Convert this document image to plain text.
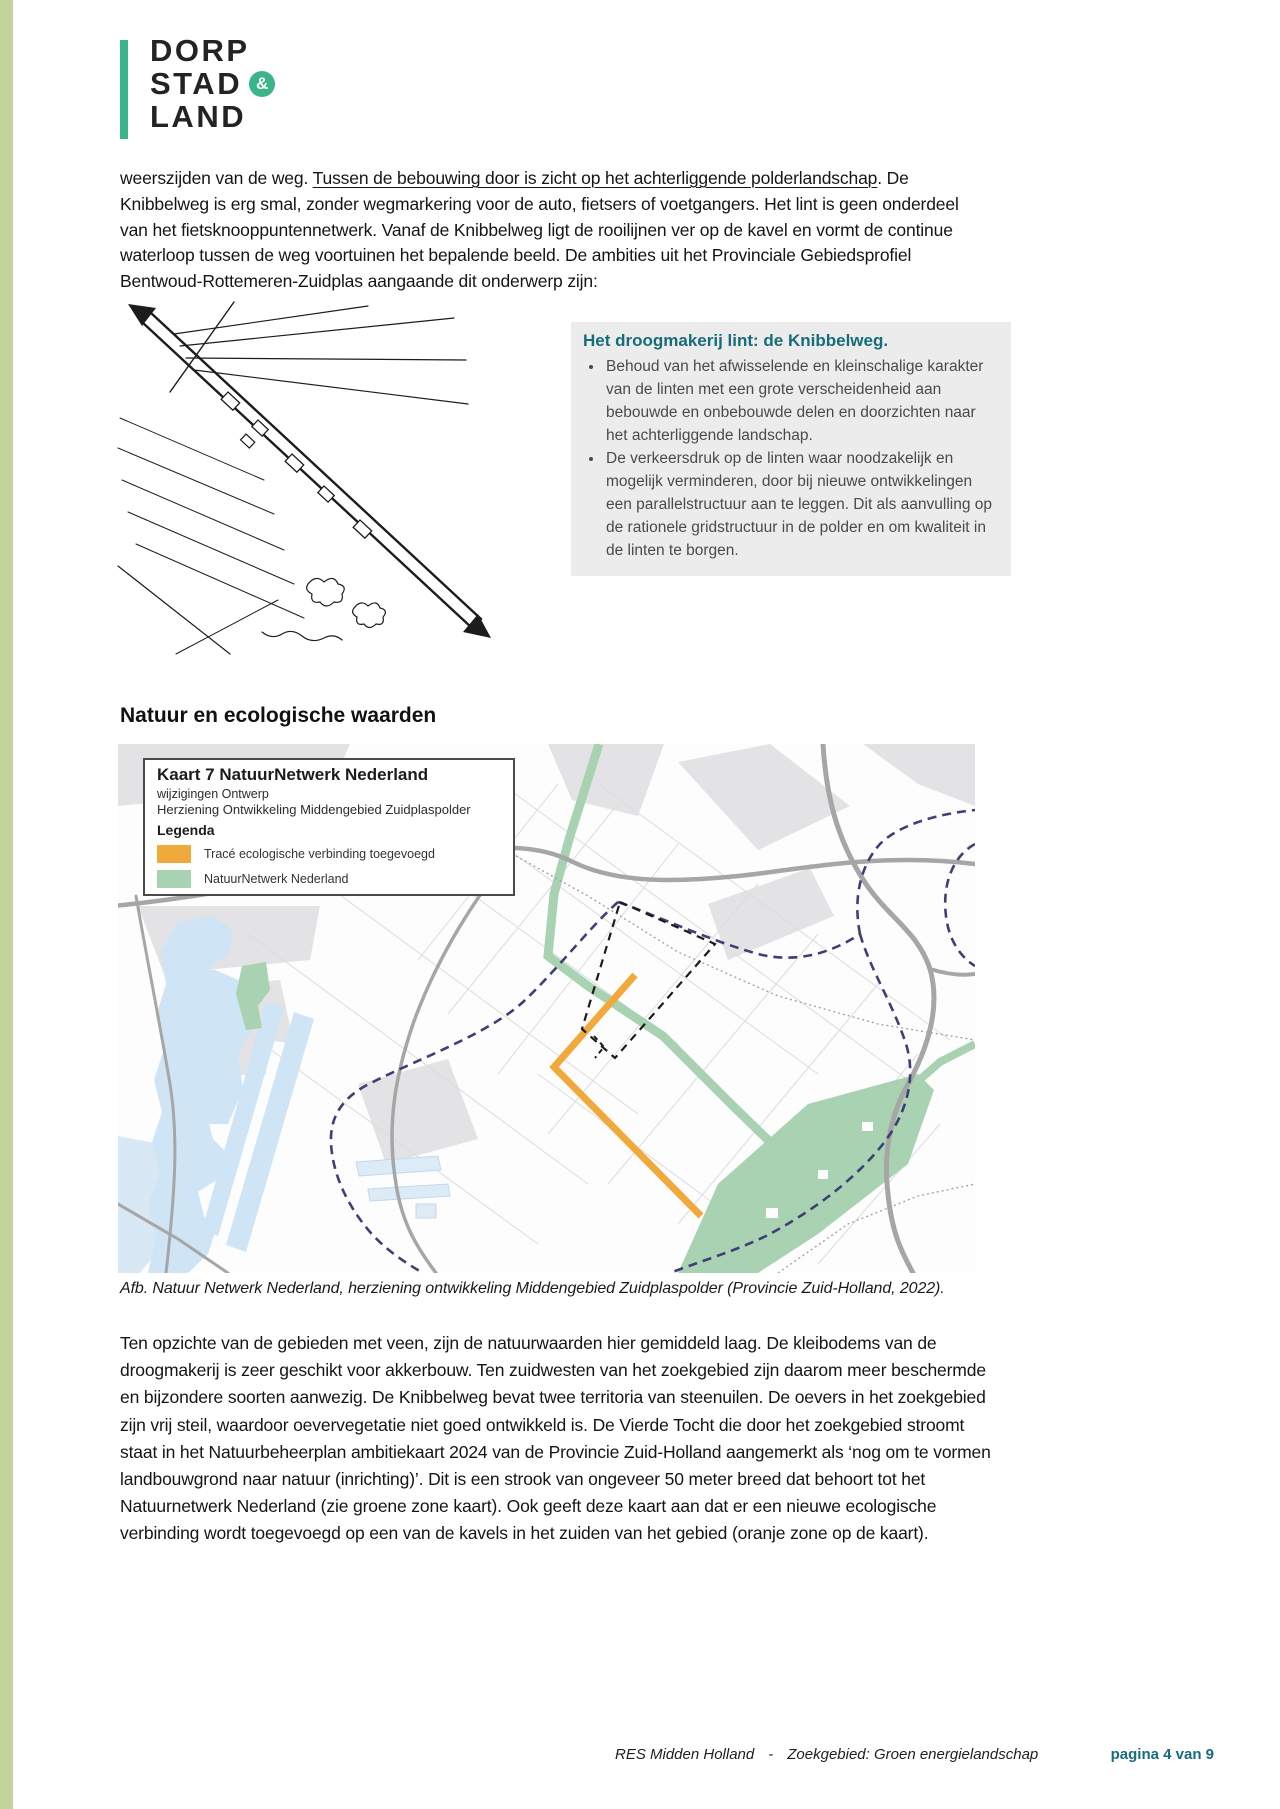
DORP
STAD &
LAND

weerszijden van de weg. Tussen de bebouwing door is zicht op het achterliggende polderlandschap. De Knibbelweg is erg smal, zonder wegmarkering voor de auto, fietsers of voetgangers. Het lint is geen onderdeel van het fietsknooppuntennetwerk. Vanaf de Knibbelweg ligt de rooilijnen ver op de kavel en vormt de continue waterloop tussen de weg voortuinen het bepalende beeld. De ambities uit het Provinciale Gebiedsprofiel Bentwoud-Rottemeren-Zuidplas aangaande dit onderwerp zijn:

Het droogmakerij lint: de Knibbelweg.
• Behoud van het afwisselende en kleinschalige karakter van de linten met een grote verscheidenheid aan bebouwde en onbebouwde delen en doorzichten naar het achterliggende landschap.
• De verkeersdruk op de linten waar noodzakelijk en mogelijk verminderen, door bij nieuwe ontwikkelingen een parallelstructuur aan te leggen. Dit als aanvulling op de rationele gridstructuur in de polder en om kwaliteit in de linten te borgen.
Natuur en ecologische waarden
Kaart 7 NatuurNetwerk Nederland
wijzigingen Ontwerp
Herziening Ontwikkeling Middengebied Zuidplaspolder
Legenda
Tracé ecologische verbinding toegevoegd
NatuurNetwerk Nederland

Afb. Natuur Netwerk Nederland, herziening ontwikkeling Middengebied Zuidplaspolder (Provincie Zuid-Holland, 2022).

Ten opzichte van de gebieden met veen, zijn de natuurwaarden hier gemiddeld laag. De kleibodems van de droogmakerij is zeer geschikt voor akkerbouw. Ten zuidwesten van het zoekgebied zijn daarom meer beschermde en bijzondere soorten aanwezig. De Knibbelweg bevat twee territoria van steenuilen. De oevers in het zoekgebied zijn vrij steil, waardoor oevervegetatie niet goed ontwikkeld is. De Vierde Tocht die door het zoekgebied stroomt staat in het Natuurbeheerplan ambitiekaart 2024 van de Provincie Zuid-Holland aangemerkt als ‘nog om te vormen landbouwgrond naar natuur (inrichting)’. Dit is een strook van ongeveer 50 meter breed dat behoort tot het Natuurnetwerk Nederland (zie groene zone kaart). Ook geeft deze kaart aan dat er een nieuwe ecologische verbinding wordt toegevoegd op een van de kavels in het zuiden van het gebied (oranje zone op de kaart).

RES Midden Holland - Zoekgebied: Groen energielandschap	pagina 4 van 9
